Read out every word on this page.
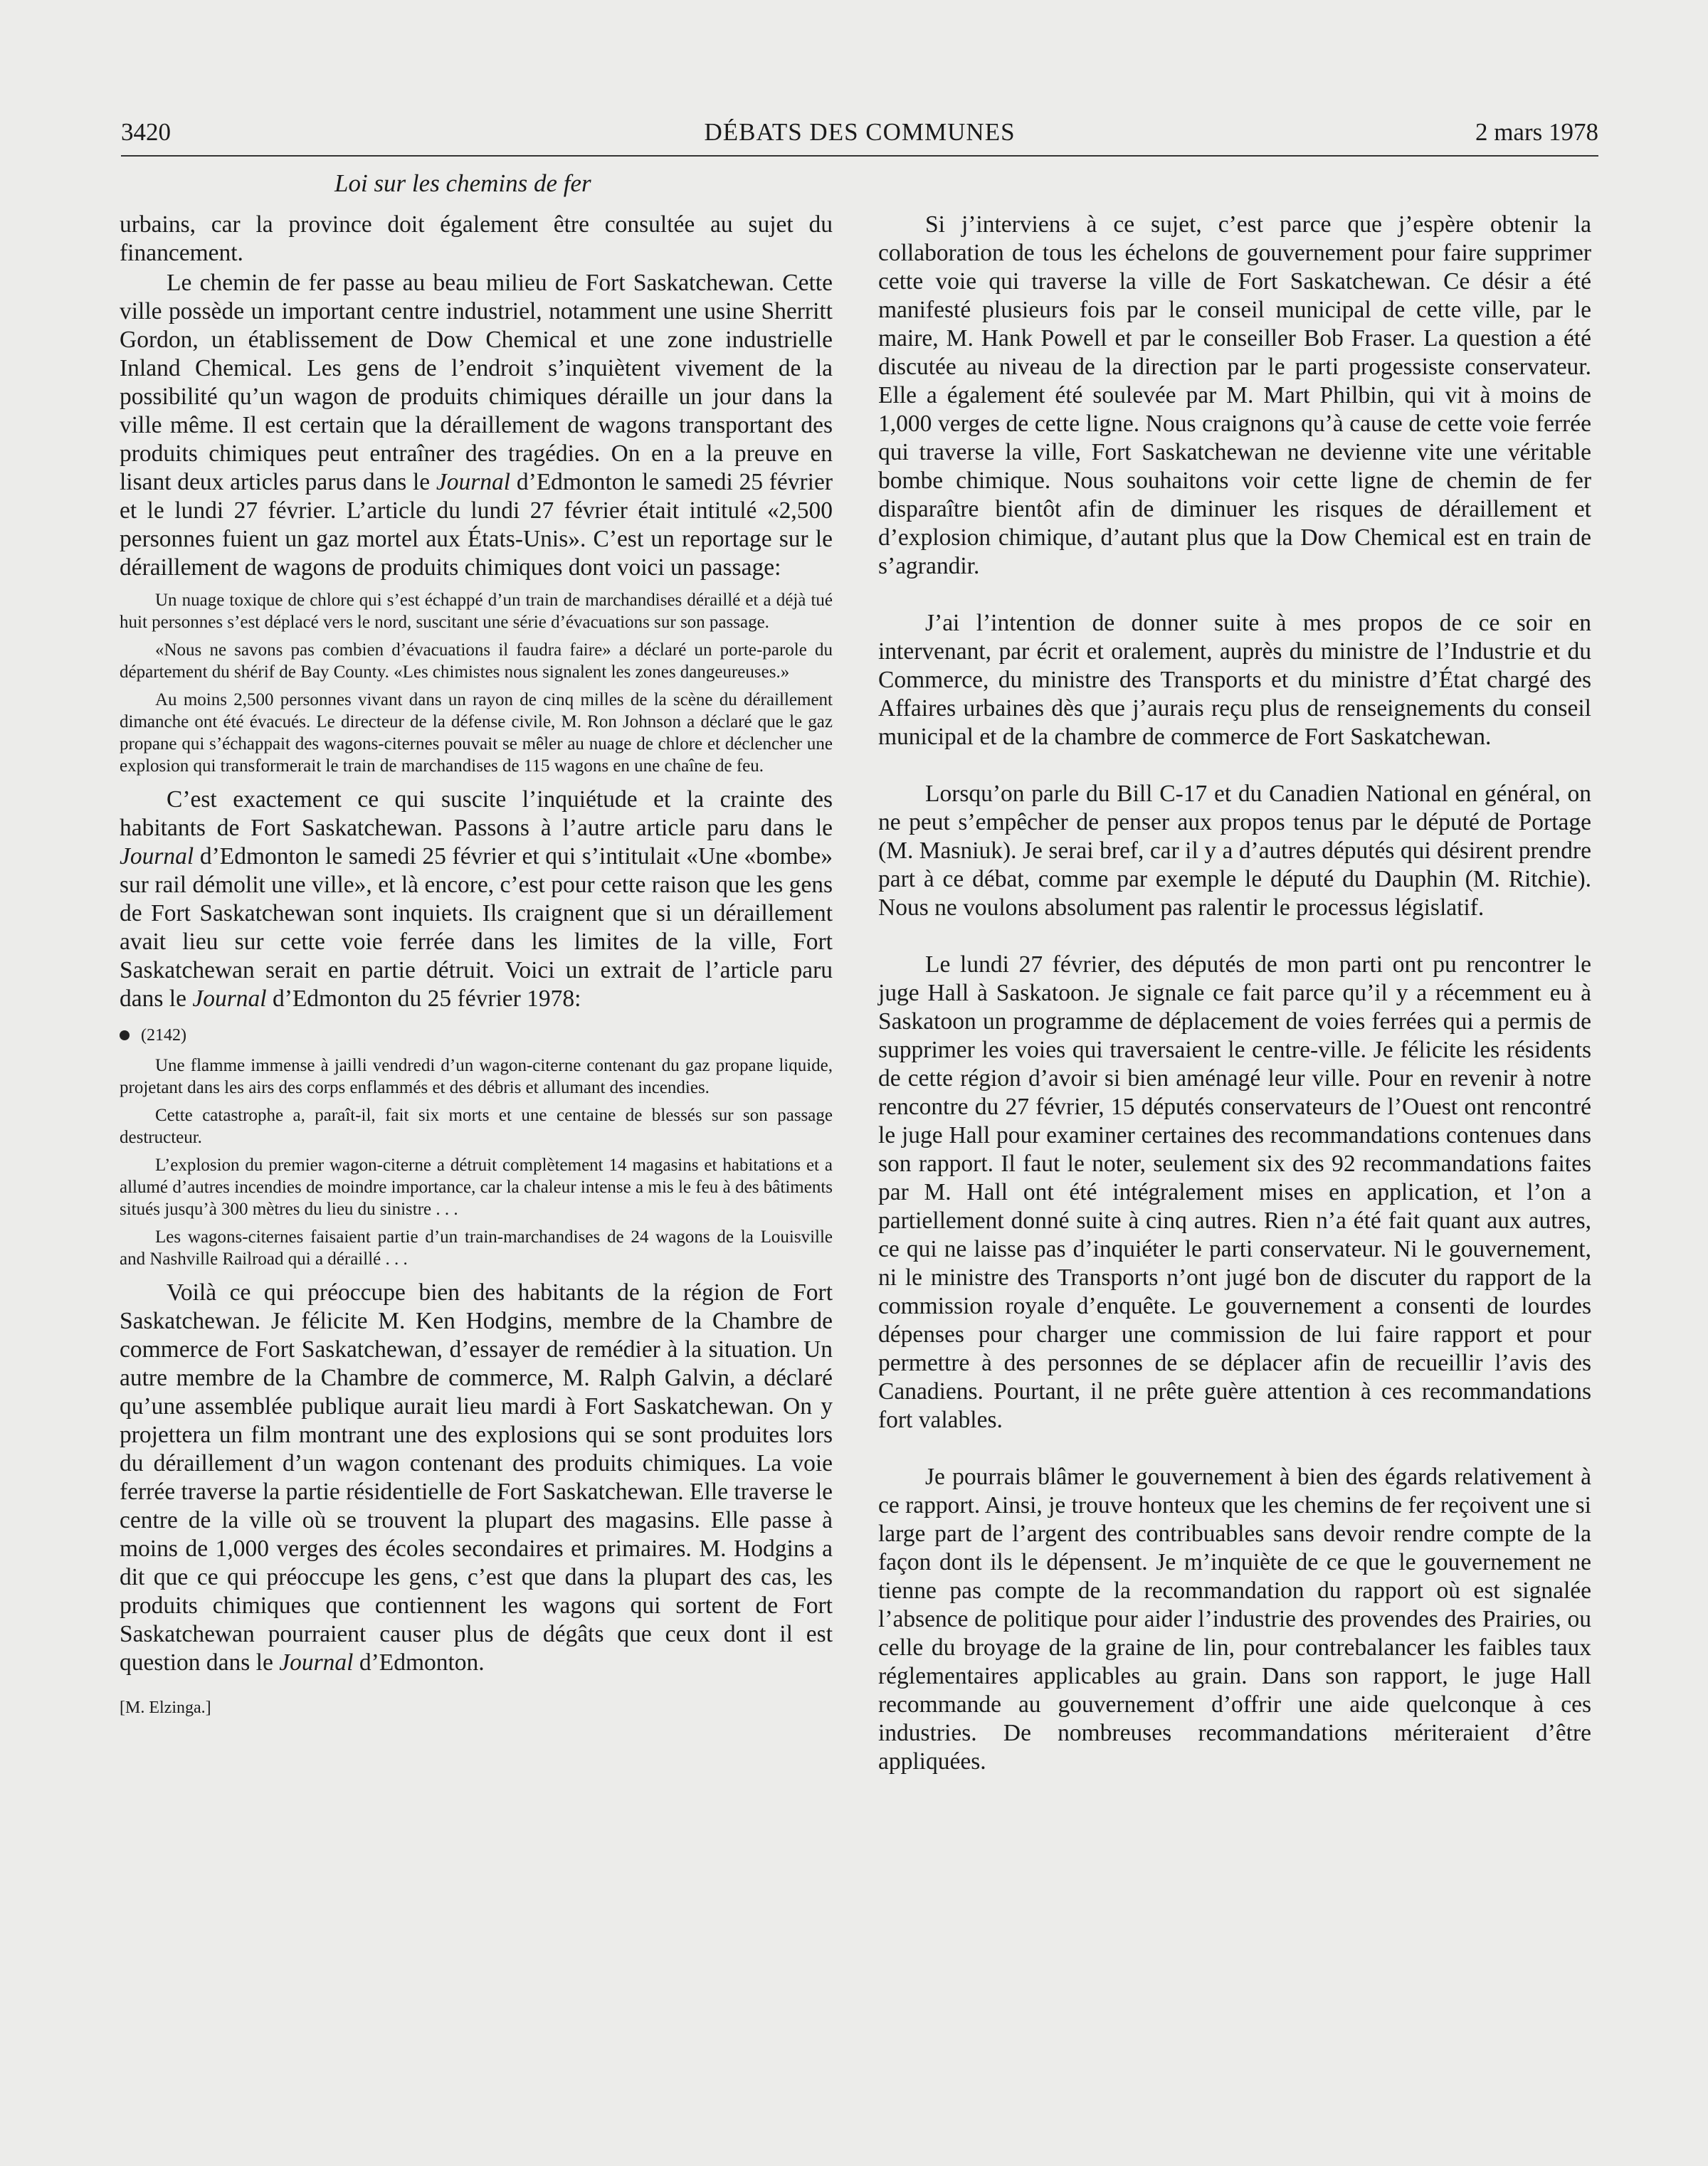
3420	DÉBATS DES COMMUNES	2 mars 1978
Loi sur les chemins de fer

urbains, car la province doit également être consultée au sujet du financement.

Le chemin de fer passe au beau milieu de Fort Saskatchewan. Cette ville possède un important centre industriel, notamment une usine Sherritt Gordon, un établissement de Dow Chemical et une zone industrielle Inland Chemical. Les gens de l’endroit s’inquiètent vivement de la possibilité qu’un wagon de produits chimiques déraille un jour dans la ville même. Il est certain que la déraillement de wagons transportant des produits chimiques peut entraîner des tragédies. On en a la preuve en lisant deux articles parus dans le Journal d’Edmonton le samedi 25 février et le lundi 27 février. L’article du lundi 27 février était intitulé «2,500 personnes fuient un gaz mortel aux États-Unis». C’est un reportage sur le déraillement de wagons de produits chimiques dont voici un passage:

Un nuage toxique de chlore qui s’est échappé d’un train de marchandises déraillé et a déjà tué huit personnes s’est déplacé vers le nord, suscitant une série d’évacuations sur son passage.

«Nous ne savons pas combien d’évacuations il faudra faire» a déclaré un porte-parole du département du shérif de Bay County. «Les chimistes nous signalent les zones dangeureuses.»

Au moins 2,500 personnes vivant dans un rayon de cinq milles de la scène du déraillement dimanche ont été évacués. Le directeur de la défense civile, M. Ron Johnson a déclaré que le gaz propane qui s’échappait des wagons-citernes pouvait se mêler au nuage de chlore et déclencher une explosion qui transformerait le train de marchandises de 115 wagons en une chaîne de feu.

C’est exactement ce qui suscite l’inquiétude et la crainte des habitants de Fort Saskatchewan. Passons à l’autre article paru dans le Journal d’Edmonton le samedi 25 février et qui s’intitulait «Une «bombe» sur rail démolit une ville», et là encore, c’est pour cette raison que les gens de Fort Saskatchewan sont inquiets. Ils craignent que si un déraillement avait lieu sur cette voie ferrée dans les limites de la ville, Fort Saskatchewan serait en partie détruit. Voici un extrait de l’article paru dans le Journal d’Edmonton du 25 février 1978:

(2142)

Une flamme immense à jailli vendredi d’un wagon-citerne contenant du gaz propane liquide, projetant dans les airs des corps enflammés et des débris et allumant des incendies.

Cette catastrophe a, paraît-il, fait six morts et une centaine de blessés sur son passage destructeur.

L’explosion du premier wagon-citerne a détruit complètement 14 magasins et habitations et a allumé d’autres incendies de moindre importance, car la chaleur intense a mis le feu à des bâtiments situés jusqu’à 300 mètres du lieu du sinistre . . .

Les wagons-citernes faisaient partie d’un train-marchandises de 24 wagons de la Louisville and Nashville Railroad qui a déraillé . . .

Voilà ce qui préoccupe bien des habitants de la région de Fort Saskatchewan. Je félicite M. Ken Hodgins, membre de la Chambre de commerce de Fort Saskatchewan, d’essayer de remédier à la situation. Un autre membre de la Chambre de commerce, M. Ralph Galvin, a déclaré qu’une assemblée publique aurait lieu mardi à Fort Saskatchewan. On y projettera un film montrant une des explosions qui se sont produites lors du déraillement d’un wagon contenant des produits chimiques. La voie ferrée traverse la partie résidentielle de Fort Saskatchewan. Elle traverse le centre de la ville où se trouvent la plupart des magasins. Elle passe à moins de 1,000 verges des écoles secondaires et primaires. M. Hodgins a dit que ce qui préoccupe les gens, c’est que dans la plupart des cas, les produits chimiques que contiennent les wagons qui sortent de Fort Saskatchewan pourraient causer plus de dégâts que ceux dont il est question dans le Journal d’Edmonton.

[M. Elzinga.]

Si j’interviens à ce sujet, c’est parce que j’espère obtenir la collaboration de tous les échelons de gouvernement pour faire supprimer cette voie qui traverse la ville de Fort Saskatchewan. Ce désir a été manifesté plusieurs fois par le conseil municipal de cette ville, par le maire, M. Hank Powell et par le conseiller Bob Fraser. La question a été discutée au niveau de la direction par le parti progessiste conservateur. Elle a également été soulevée par M. Mart Philbin, qui vit à moins de 1,000 verges de cette ligne. Nous craignons qu’à cause de cette voie ferrée qui traverse la ville, Fort Saskatchewan ne devienne vite une véritable bombe chimique. Nous souhaitons voir cette ligne de chemin de fer disparaître bientôt afin de diminuer les risques de déraillement et d’explosion chimique, d’autant plus que la Dow Chemical est en train de s’agrandir.

J’ai l’intention de donner suite à mes propos de ce soir en intervenant, par écrit et oralement, auprès du ministre de l’Industrie et du Commerce, du ministre des Transports et du ministre d’État chargé des Affaires urbaines dès que j’aurais reçu plus de renseignements du conseil municipal et de la chambre de commerce de Fort Saskatchewan.

Lorsqu’on parle du Bill C-17 et du Canadien National en général, on ne peut s’empêcher de penser aux propos tenus par le député de Portage (M. Masniuk). Je serai bref, car il y a d’autres députés qui désirent prendre part à ce débat, comme par exemple le député du Dauphin (M. Ritchie). Nous ne voulons absolument pas ralentir le processus législatif.

Le lundi 27 février, des députés de mon parti ont pu rencontrer le juge Hall à Saskatoon. Je signale ce fait parce qu’il y a récemment eu à Saskatoon un programme de déplacement de voies ferrées qui a permis de supprimer les voies qui traversaient le centre-ville. Je félicite les résidents de cette région d’avoir si bien aménagé leur ville. Pour en revenir à notre rencontre du 27 février, 15 députés conservateurs de l’Ouest ont rencontré le juge Hall pour examiner certaines des recommandations contenues dans son rapport. Il faut le noter, seulement six des 92 recommandations faites par M. Hall ont été intégralement mises en application, et l’on a partiellement donné suite à cinq autres. Rien n’a été fait quant aux autres, ce qui ne laisse pas d’inquiéter le parti conservateur. Ni le gouvernement, ni le ministre des Transports n’ont jugé bon de discuter du rapport de la commission royale d’enquête. Le gouvernement a consenti de lourdes dépenses pour charger une commission de lui faire rapport et pour permettre à des personnes de se déplacer afin de recueillir l’avis des Canadiens. Pourtant, il ne prête guère attention à ces recommandations fort valables.

Je pourrais blâmer le gouvernement à bien des égards relativement à ce rapport. Ainsi, je trouve honteux que les chemins de fer reçoivent une si large part de l’argent des contribuables sans devoir rendre compte de la façon dont ils le dépensent. Je m’inquiète de ce que le gouvernement ne tienne pas compte de la recommandation du rapport où est signalée l’absence de politique pour aider l’industrie des provendes des Prairies, ou celle du broyage de la graine de lin, pour contrebalancer les faibles taux réglementaires applicables au grain. Dans son rapport, le juge Hall recommande au gouvernement d’offrir une aide quelconque à ces industries. De nombreuses recommandations mériteraient d’être appliquées.
